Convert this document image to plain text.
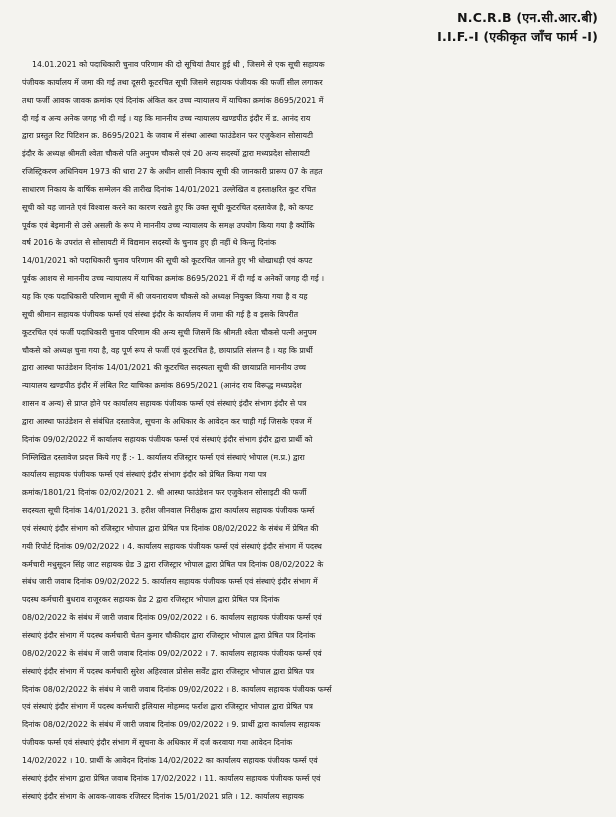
N.C.R.B (एन.सी.आर.बी)
I.I.F.-I (एकीकृत जाँच फार्म -I)
14.01.2021 को पदाधिकारी चुनाव परिणाम की दो सूचियां तैयार हुई थी , जिसमे से एक सूची सहायक
पंजीयक कार्यालय में जमा की गई तथा दूसरी कूटरचित सूची जिसमे सहायक पंजीयक की फर्जी सील लगाकर
तथा फर्जी आवक जावक क्रमांक एवं दिनांक अंकित कर उच्च न्यायालय में याचिका क्रमांक 8695/2021 में
दी गई व अन्य अनेक जगह भी दी गई । यह कि माननीय उच्च न्यायालय खण्डपीठ इंदौर में ड. आनंद राय
द्वारा प्रस्तुत रिट पिटिशन क्र. 8695/2021 के जवाब में संस्था आस्था फाउंडेशन फर एजुकेशन सोसायटी
इंदौर के अध्यक्ष श्रीमती श्वेता चौकसे पति अनुपम चौकसे एवं 20 अन्य सदस्यों द्वारा मध्यप्रदेश सोसायटी
रजिस्ट्रिकरण अधिनियम 1973 की धारा 27 के अधीन शासी निकाय सूची की जानकारी प्रारूप 07 के तहत
साधारण निकाय के वार्षिक सम्मेलन की तारीख दिनांक 14/01/2021 उल्लेखित व हस्ताक्षरित कूट रचित
सूची को यह जानते एवं विश्वास करने का कारण रखते हुए कि उक्त सूची कूटरचित दस्तावेज है, को कपट
पूर्वक एवं बेइमानी से उसे असली के रूप मे माननीय उच्च न्यायालय के समक्ष उपयोग किया गया है क्योंकि
वर्ष 2016 के उपरांत से सोसायटी में विद्यमान सदस्यों के चुनाव हुए ही नहीं थे किन्तु दिनांक
14/01/2021 को पदाधिकारी चुनाव परिणाम की सूची को कूटरचित जानते हुए भी धोखाधड़ी एवं कपट
पूर्वक आशय से माननीय उच्च न्यायालय में याचिका क्रमांक 8695/2021 में दी गई व अनेकों जगह दी गई ।
यह कि एक पदाधिकारी परिणाम सूची में श्री जयनारायण चौकसे को अध्यक्ष नियुक्त किया गया है व यह
सूची श्रीमान सहायक पंजीयक फर्म्स एवं संस्था इंदौर के कार्यालय में जमा की गई है व इसके विपरीत
कूटरचित एवं फर्जी पदाधिकारी चुनाव परिणाम की अन्य सूची जिसमें कि श्रीमती श्वेता चौकसे पत्नी अनुपम
चौकसे को अध्यक्ष चुना गया है, वह पूर्ण रूप से फर्जी एवं कूटरचित है, छायाप्रति संलग्न है । यह कि प्रार्थी
द्वारा आस्था फाउंडेशन दिनांक 14/01/2021 की कूटरचित सदस्यता सूची की छायाप्रति माननीय उच्च
न्यायालय खण्डपीठ इंदौर में लंबित रिट याचिका क्रमांक 8695/2021 (आनंद राय विरूद्ध मध्यप्रदेश
शासन व अन्य) से प्राप्त होने पर कार्यालय सहायक पंजीयक फर्म्स एवं संस्थाएं इंदौर संभाग इंदौर से पत्र
द्वारा आस्था फाउंडेशन से संबंधित दस्तावेज, सूचना के अधिकार के आवेदन कर चाही गई जिसके एवज में
दिनांक 09/02/2022 में कार्यालय सहायक पंजीयक फर्म्स एवं संस्थाएं इंदौर संभाग इंदौर द्वारा प्रार्थी को
निम्लिखित दस्तावेज प्रदत्त किये गए हैं :- 1. कार्यालय रजिस्ट्रार फर्म्स एवं संस्थाएं भोपाल (म.प्र.) द्वारा
कार्यालय सहायक पंजीयक फर्म्स एवं संस्थाएं इंदौर संभाग इंदौर को प्रेषित किया गया पत्र
क्रमांक/1801/21 दिनांक 02/02/2021 2. श्री आस्था फाउंडेशन फर एजुकेशन सोसाइटी की फर्जी
सदस्यता सूची दिनांक 14/01/2021 3. हरीश जीनवाल निरीक्षक द्वारा कार्यालय सहायक पंजीयक फर्म्स
एवं संस्थाएं इंदौर संभाग को रजिस्ट्रार भोपाल द्वारा प्रेषित पत्र दिनांक 08/02/2022 के संबंध में प्रेषित की
गयी रिपोर्ट दिनांक 09/02/2022 । 4. कार्यालय सहायक पंजीयक फर्म्स एवं संस्थाएं इंदौर संभाग में पदस्थ
कर्मचारी मधुसूदन सिंह जाट सहायक ग्रेड 3 द्वारा रजिस्ट्रार भोपाल द्वारा प्रेषित पत्र दिनांक 08/02/2022 के
संबंध जारी जवाब दिनांक 09/02/2022 5. कार्यालय सहायक पंजीयक फर्म्स एवं संस्थाएं इंदौर संभाग में
पदस्थ कर्मचारी बुधराव राजूरकर सहायक ग्रेड 2 द्वारा रजिस्ट्रार भोपाल द्वारा प्रेषित पत्र दिनांक
08/02/2022 के संबंध में जारी जवाब दिनांक 09/02/2022 । 6. कार्यालय सहायक पंजीयक फर्म्स एवं
संस्थाएं इंदौर संभाग में पदस्थ कर्मचारी चेतन कुमार चौकीदार द्वारा रजिस्ट्रार भोपाल द्वारा प्रेषित पत्र दिनांक
08/02/2022 के संबंध में जारी जवाब दिनांक 09/02/2022 । 7. कार्यालय सहायक पंजीयक फर्म्स एवं
संस्थाएं इंदौर संभाग में पदस्थ कर्मचारी सुरेश अहिरवाल प्रोसेस सर्वेंट द्वारा रजिस्ट्रार भोपाल द्वारा प्रेषित पत्र
दिनांक 08/02/2022 के संबंध मे जारी जवाब दिनांक 09/02/2022 । 8. कार्यालय सहायक पंजीयक फर्म्स
एवं संस्थाएं इंदौर संभाग में पदस्थ कर्मचारी इलियास मोहम्मद फर्राश द्वारा रजिस्ट्रार भोपाल द्वारा प्रेषित पत्र
दिनांक 08/02/2022 के संबंध में जारी जवाब दिनांक 09/02/2022 । 9. प्रार्थी द्वारा कार्यालय सहायक
पंजीयक फर्म्स एवं संस्थाएं इंदौर संभाग में सूचना के अधिकार में दर्ज करवाया गया आवेदन दिनांक
14/02/2022 । 10. प्रार्थी के आवेदन दिनांक 14/02/2022 का कार्यालय सहायक पंजीयक फर्म्स एवं
संस्थाएं इंदौर संभाग द्वारा प्रेषित जवाब दिनांक 17/02/2022 । 11. कार्यालय सहायक पंजीयक फर्म्स एवं
संस्थाएं इंदौर संभाग के आवक-जावक रजिस्टर दिनांक 15/01/2021 प्रति । 12. कार्यालय सहायक
